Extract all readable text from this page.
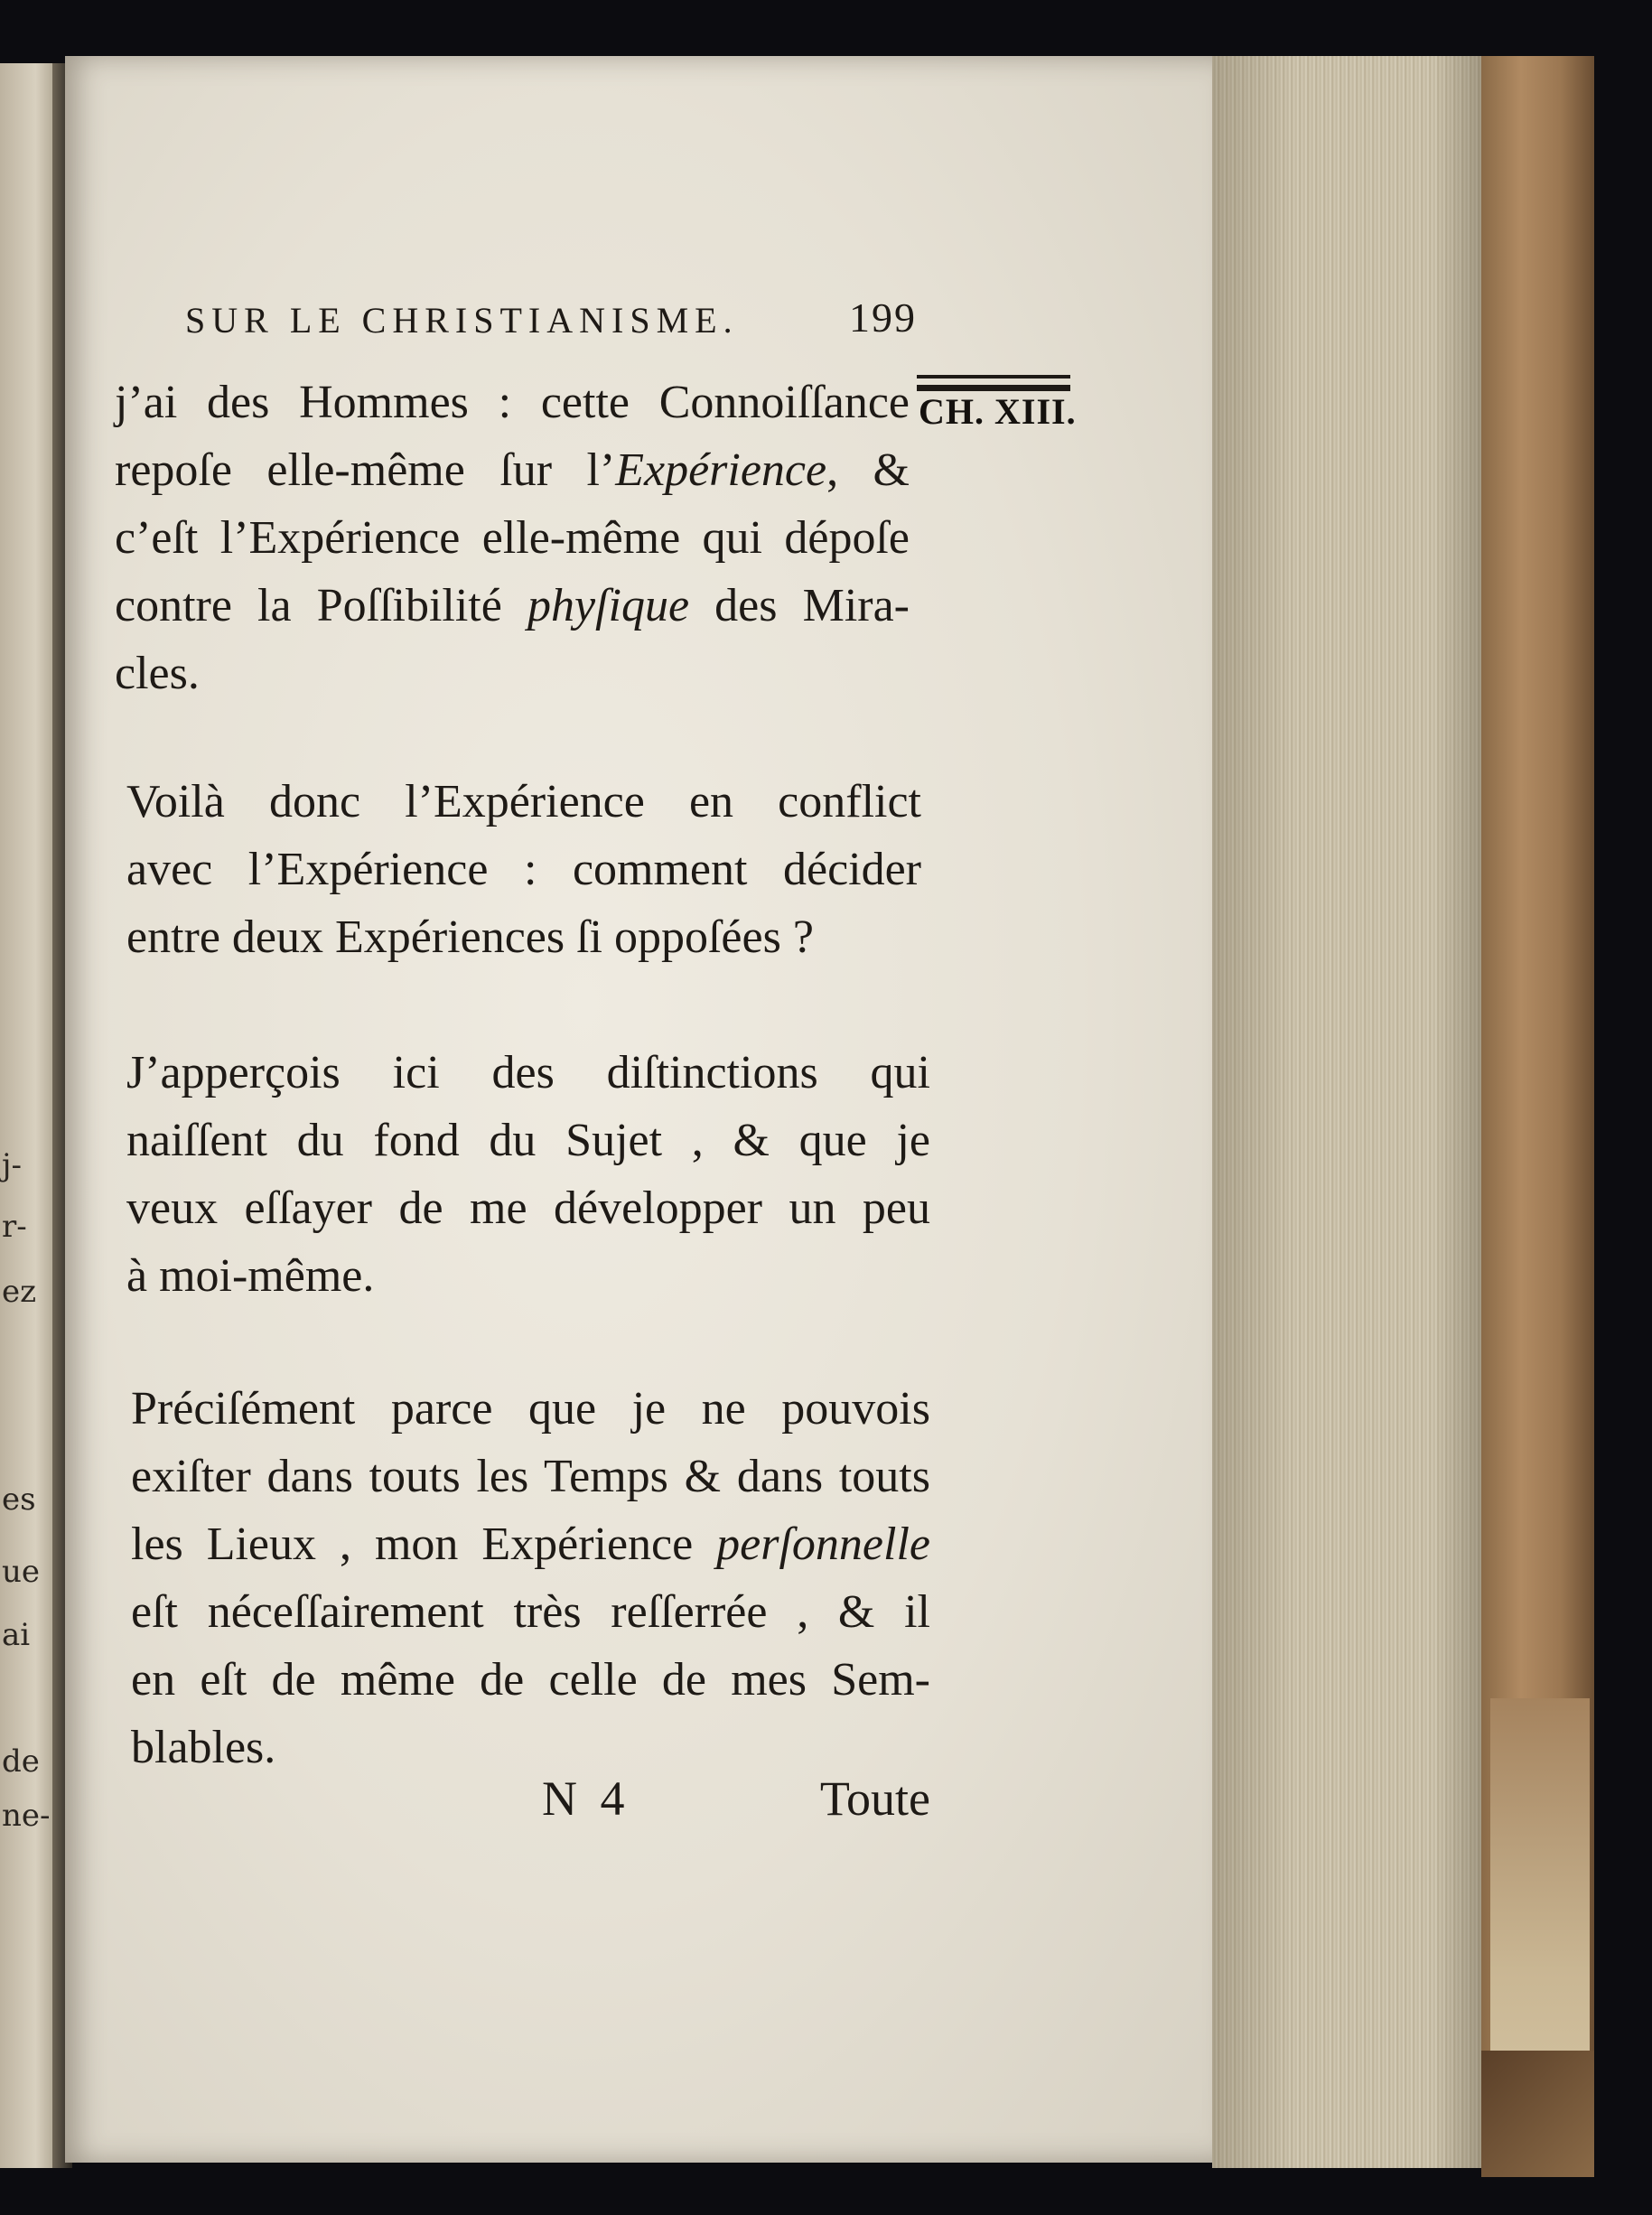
j-
r-
ez
es
ue
ai
de
ne-

SUR LE CHRISTIANISME.	199
CH. XIII.
j’ai des Hommes : cette Connoiſſance
repoſe elle-même ſur l’Expérience, &
c’eſt l’Expérience elle-même qui dépoſe
contre la Poſſibilité phyſique des Mira-
cles.
Voilà donc l’Expérience en conflict
avec l’Expérience : comment décider
entre deux Expériences ſi oppoſées ?
J’apperçois ici des diſtinctions qui
naiſſent du fond du Sujet , & que je
veux eſſayer de me développer un peu
à moi-même.
Préciſément parce que je ne pouvois
exiſter dans touts les Temps & dans touts
les Lieux , mon Expérience perſonnelle
eſt néceſſairement très reſſerrée , & il
en eſt de même de celle de mes Sem-
blables.
N 4	Toute
